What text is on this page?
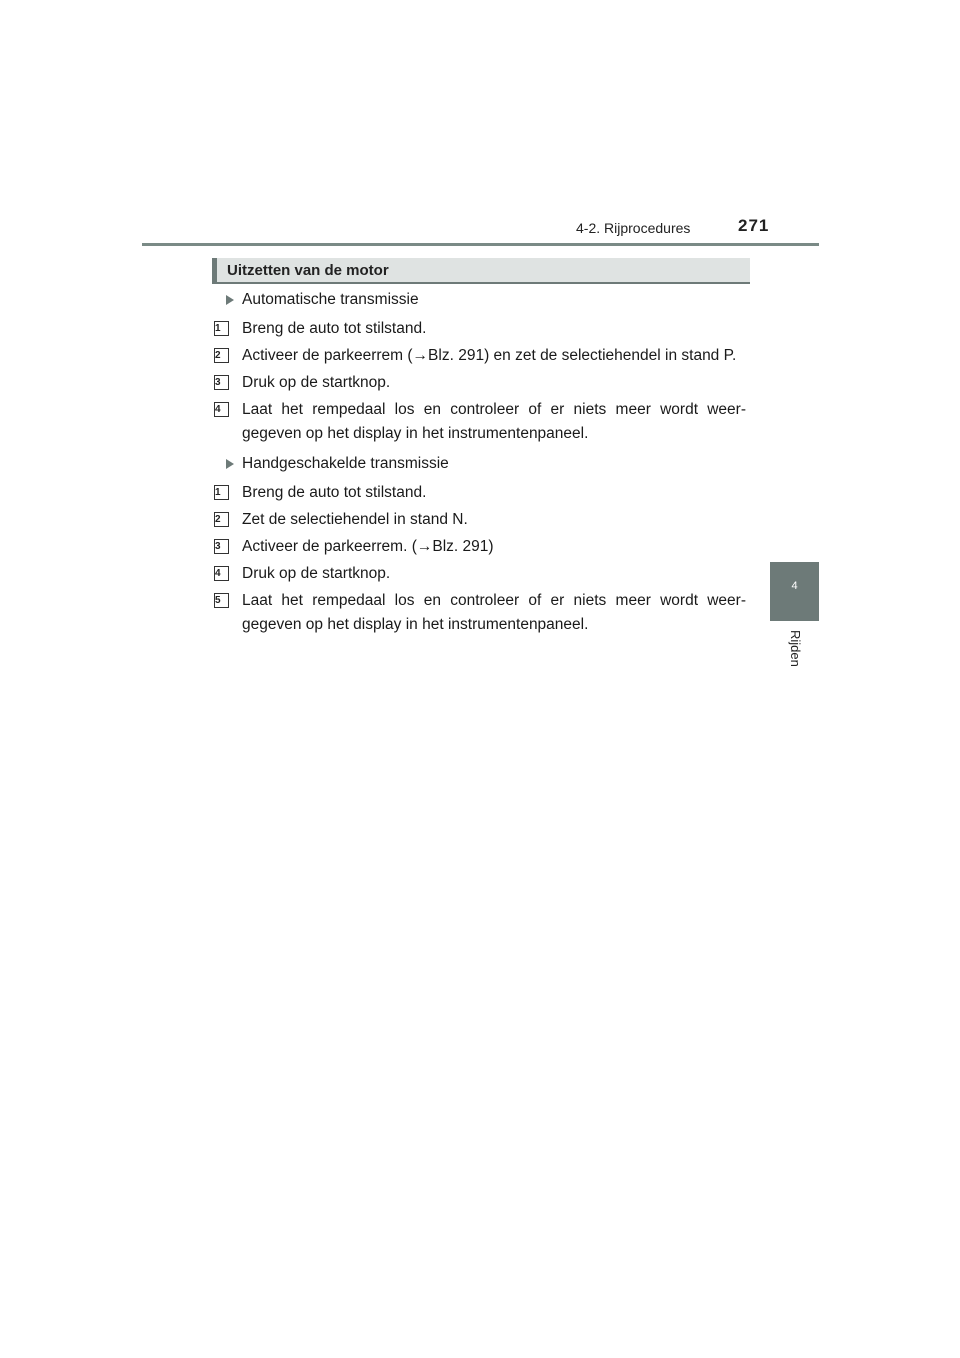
4-2. Rijprocedures	271
4
Rijden
Uitzetten van de motor
Automatische transmissie
1	Breng de auto tot stilstand.
2	Activeer de parkeerrem (→Blz. 291) en zet de selectiehendel in stand P.
3	Druk op de startknop.
4	Laat het rempedaal los en controleer of er niets meer wordt weer-gegeven op het display in het instrumentenpaneel.
Handgeschakelde transmissie
1	Breng de auto tot stilstand.
2	Zet de selectiehendel in stand N.
3	Activeer de parkeerrem. (→Blz. 291)
4	Druk op de startknop.
5	Laat het rempedaal los en controleer of er niets meer wordt weer-gegeven op het display in het instrumentenpaneel.
